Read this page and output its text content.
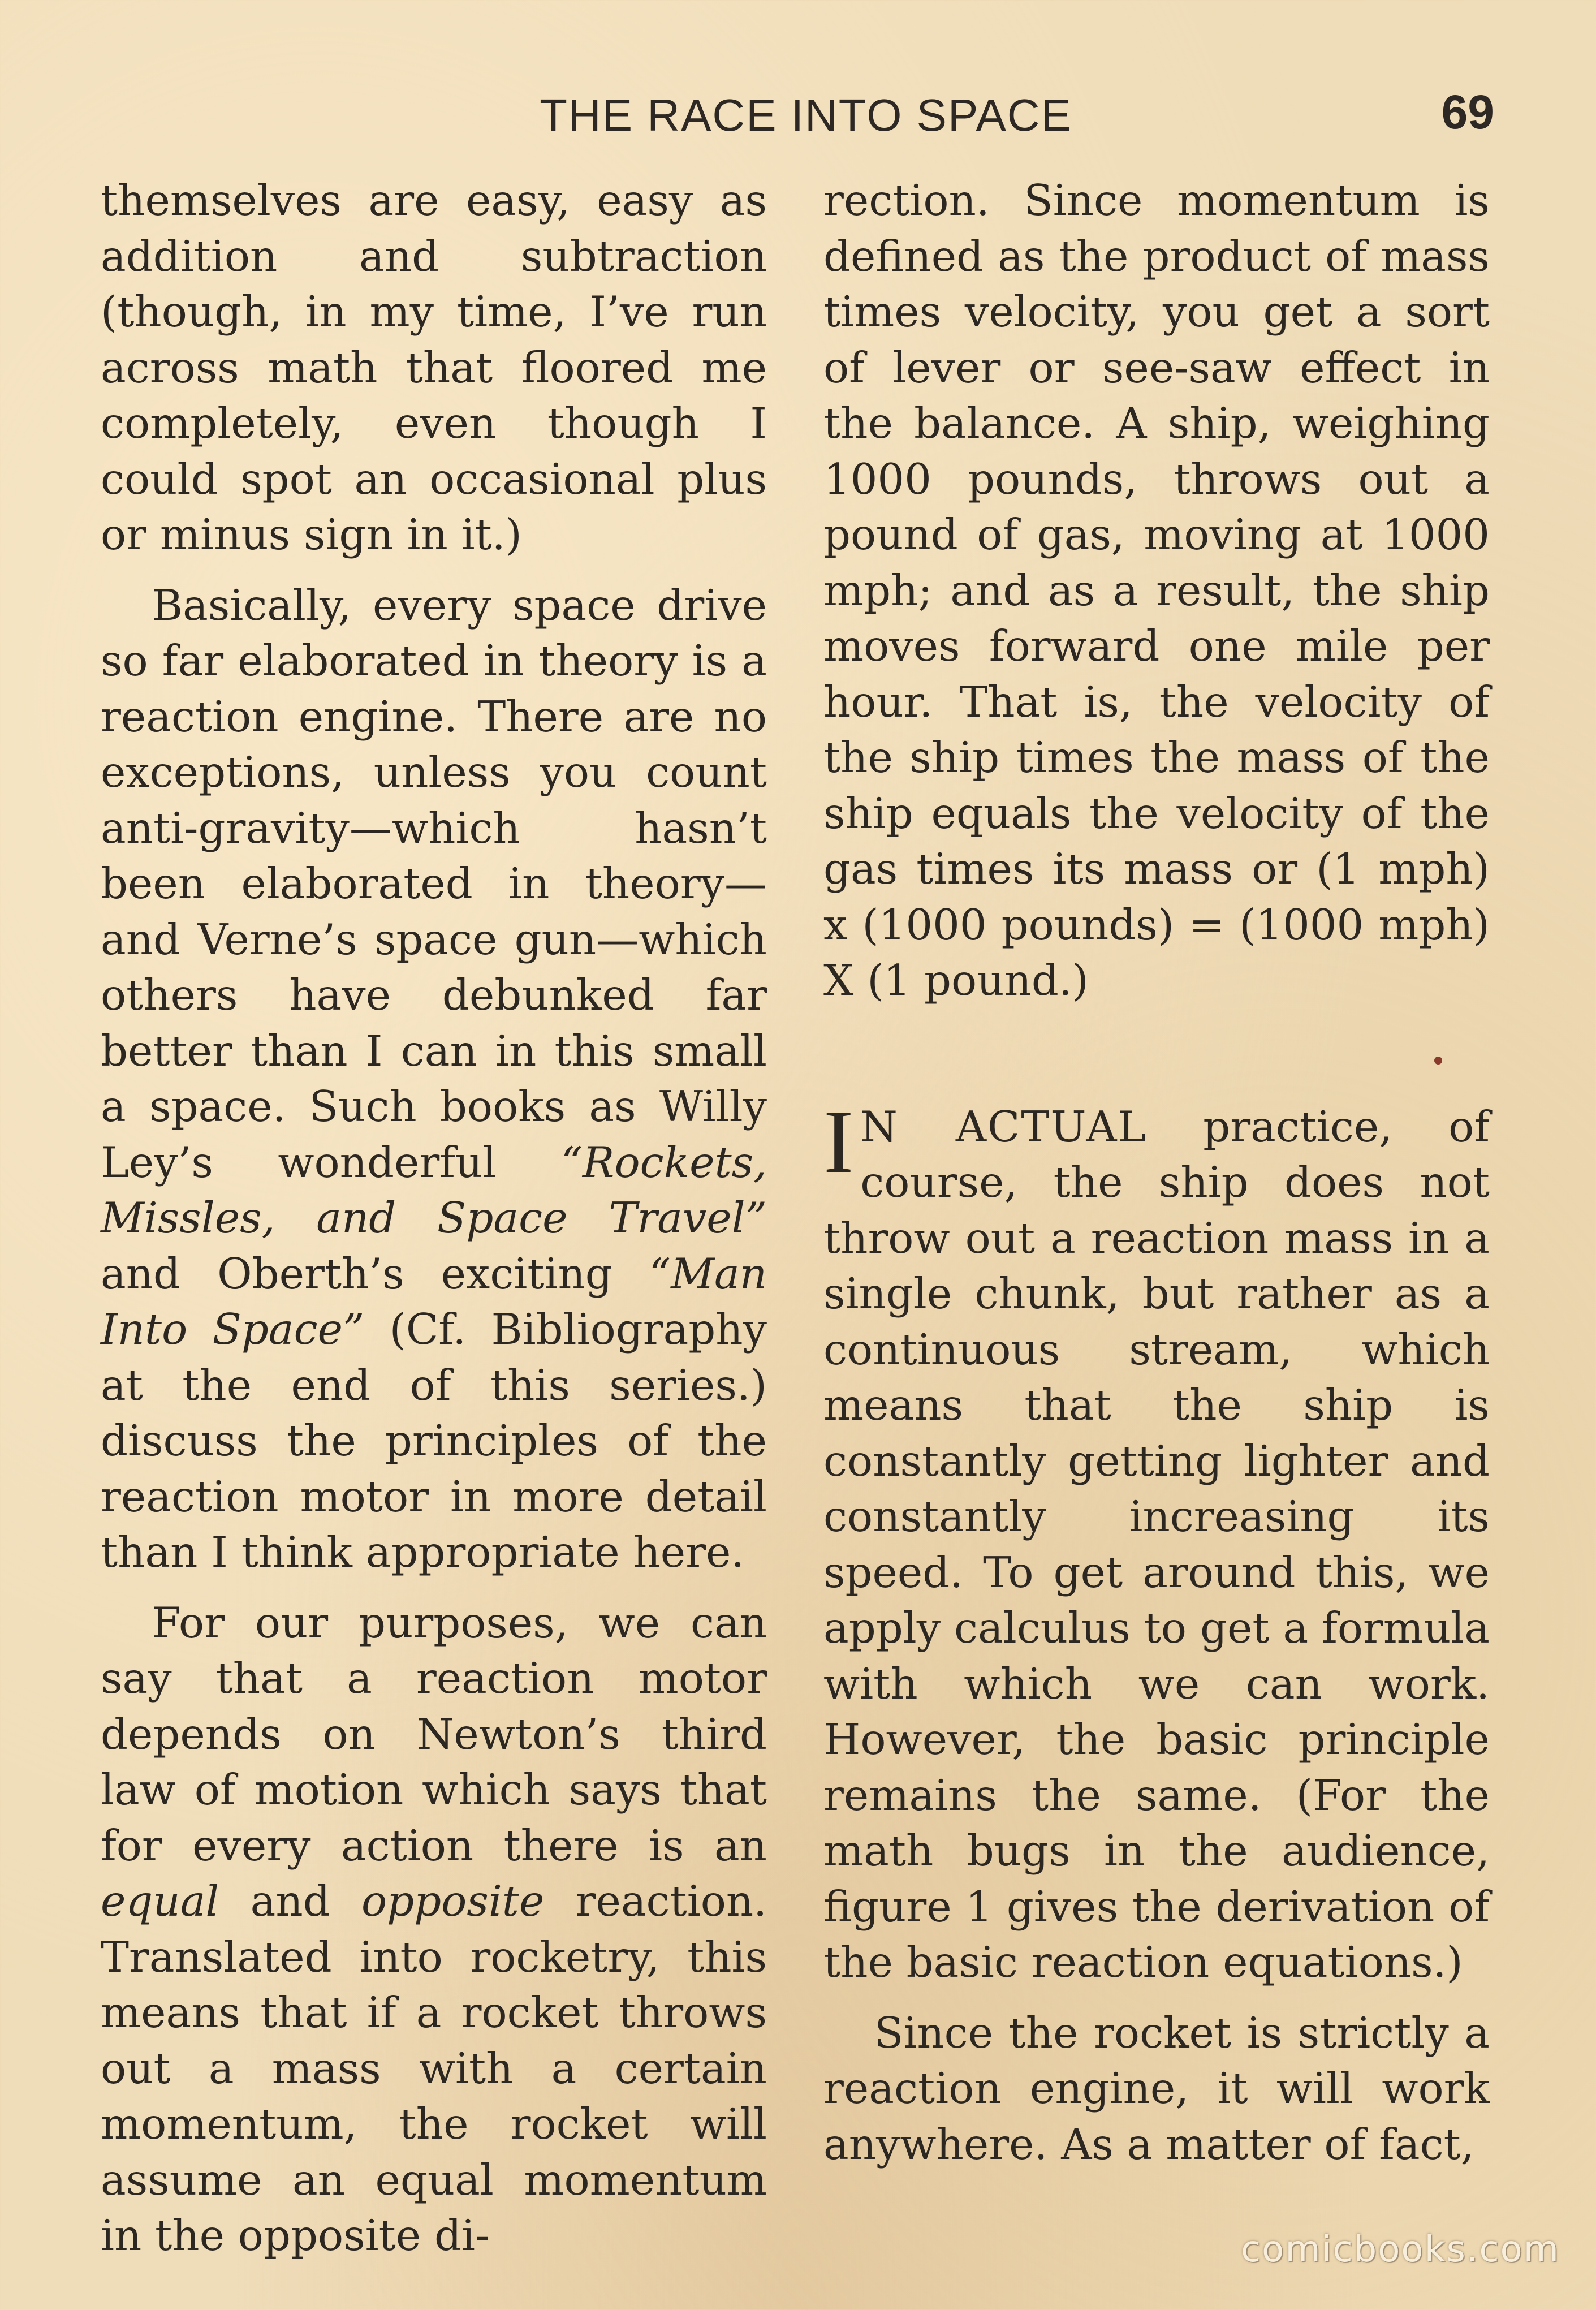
THE RACE INTO SPACE	69

themselves are easy, easy as addition and subtraction (though, in my time, I’ve run across math that floored me completely, even though I could spot an occasional plus or minus sign in it.)

Basically, every space drive so far elaborated in theory is a reaction engine. There are no exceptions, unless you count anti-gravity—which hasn’t been elaborated in theory—and Verne’s space gun—which others have debunked far better than I can in this small a space. Such books as Willy Ley’s wonderful “Rockets, Missles, and Space Travel” and Oberth’s exciting “Man Into Space” (Cf. Bibliography at the end of this series.) discuss the principles of the reaction motor in more detail than I think appropriate here.

For our purposes, we can say that a reaction motor depends on Newton’s third law of motion which says that for every action there is an equal and opposite reaction. Translated into rocketry, this means that if a rocket throws out a mass with a certain momentum, the rocket will assume an equal momentum in the opposite di-

rection. Since momentum is defined as the product of mass times velocity, you get a sort of lever or see-saw effect in the balance. A ship, weighing 1000 pounds, throws out a pound of gas, moving at 1000 mph; and as a result, the ship moves forward one mile per hour. That is, the velocity of the ship times the mass of the ship equals the velocity of the gas times its mass or (1 mph) x (1000 pounds) = (1000 mph) X (1 pound.)

I N ACTUAL practice, of course, the ship does not throw out a reaction mass in a single chunk, but rather as a continuous stream, which means that the ship is constantly getting lighter and constantly increasing its speed. To get around this, we apply calculus to get a formula with which we can work. However, the basic principle remains the same. (For the math bugs in the audience, figure 1 gives the derivation of the basic reaction equations.)

Since the rocket is strictly a reaction engine, it will work anywhere. As a matter of fact,

comicbooks.com
